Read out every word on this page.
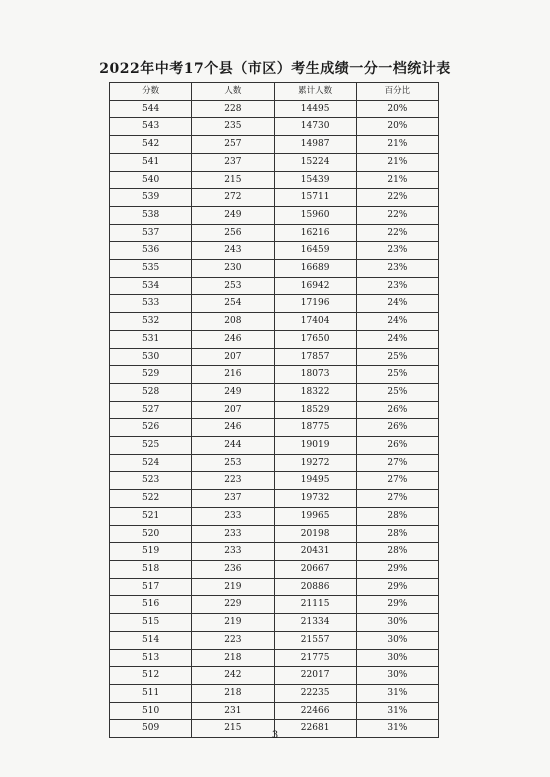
2022年中考17个县（市区）考生成绩一分一档统计表
分数	人数	累计人数	百分比
544	228	14495	20%
543	235	14730	20%
542	257	14987	21%
541	237	15224	21%
540	215	15439	21%
539	272	15711	22%
538	249	15960	22%
537	256	16216	22%
536	243	16459	23%
535	230	16689	23%
534	253	16942	23%
533	254	17196	24%
532	208	17404	24%
531	246	17650	24%
530	207	17857	25%
529	216	18073	25%
528	249	18322	25%
527	207	18529	26%
526	246	18775	26%
525	244	19019	26%
524	253	19272	27%
523	223	19495	27%
522	237	19732	27%
521	233	19965	28%
520	233	20198	28%
519	233	20431	28%
518	236	20667	29%
517	219	20886	29%
516	229	21115	29%
515	219	21334	30%
514	223	21557	30%
513	218	21775	30%
512	242	22017	30%
511	218	22235	31%
510	231	22466	31%
509	215	22681	31%
3
